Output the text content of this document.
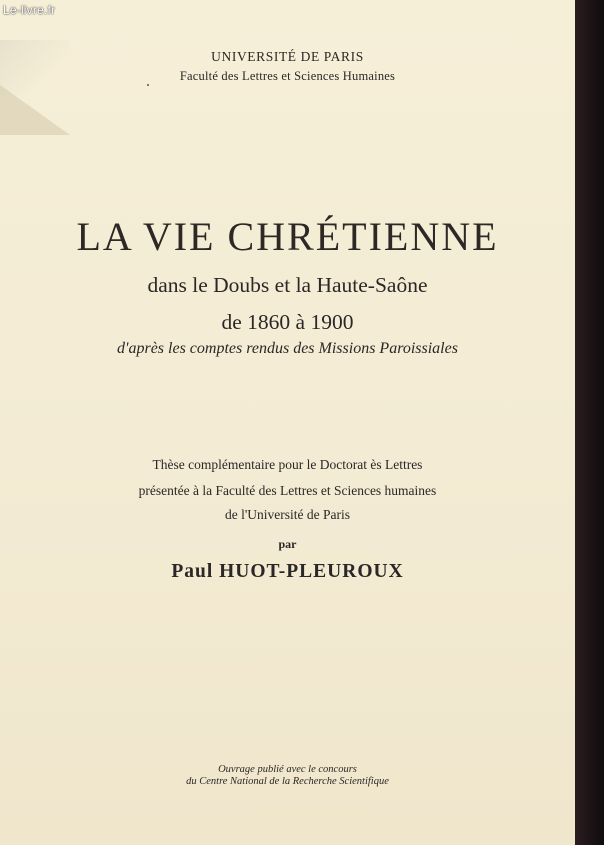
UNIVERSITÉ DE PARIS
Faculté des Lettres et Sciences Humaines
LA VIE CHRÉTIENNE
dans le Doubs et la Haute-Saône
de 1860 à 1900
d'après les comptes rendus des Missions Paroissiales
Thèse complémentaire pour le Doctorat ès Lettres
présentée à la Faculté des Lettres et Sciences humaines
de l'Université de Paris
par
Paul HUOT-PLEUROUX
Ouvrage publié avec le concours
du Centre National de la Recherche Scientifique
Le-livre.fr
